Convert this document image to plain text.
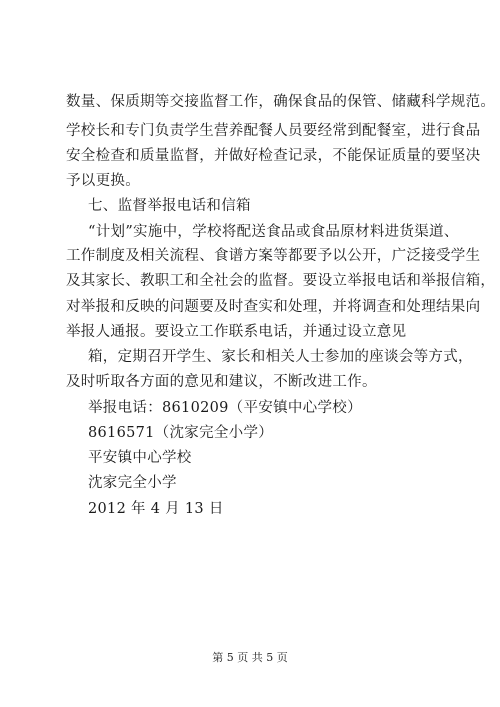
数量、保质期等交接监督工作，确保食品的保管、储藏科学规范。
学校长和专门负责学生营养配餐人员要经常到配餐室，进行食品
安全检查和质量监督，并做好检查记录，不能保证质量的要坚决
予以更换。
七、监督举报电话和信箱
“计划”实施中，学校将配送食品或食品原材料进货渠道、
工作制度及相关流程、食谱方案等都要予以公开，广泛接受学生
及其家长、教职工和全社会的监督。要设立举报电话和举报信箱，
对举报和反映的问题要及时查实和处理，并将调查和处理结果向
举报人通报。要设立工作联系电话，并通过设立意见
箱，定期召开学生、家长和相关人士参加的座谈会等方式，
及时听取各方面的意见和建议，不断改进工作。
举报电话：8610209（平安镇中心学校）
8616571（沈家完全小学）
平安镇中心学校
沈家完全小学
2012 年 4 月 13 日
第 5 页 共 5 页
